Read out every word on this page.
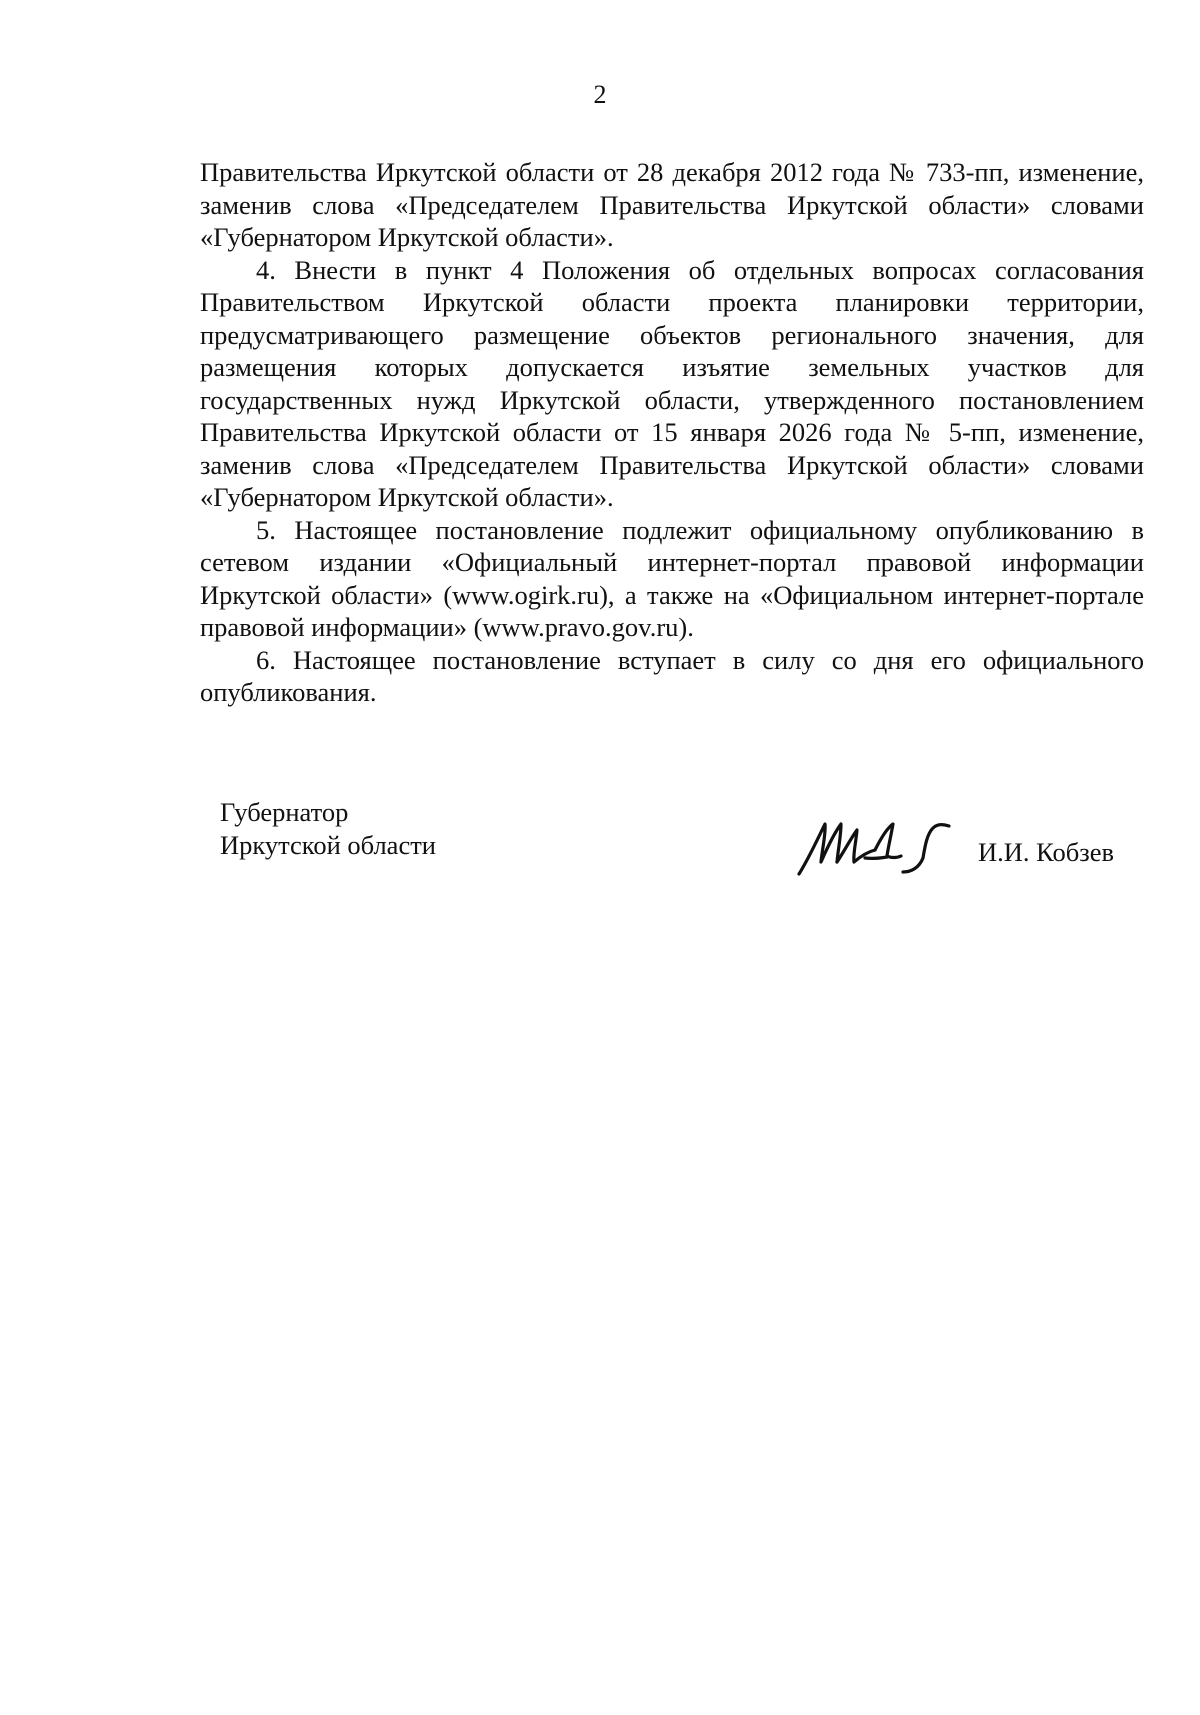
2

Правительства Иркутской области от 28 декабря 2012 года № 733-пп, изменение, заменив слова «Председателем Правительства Иркутской области» словами «Губернатором Иркутской области».

4. Внести в пункт 4 Положения об отдельных вопросах согласования Правительством Иркутской области проекта планировки территории, предусматривающего размещение объектов регионального значения, для размещения которых допускается изъятие земельных участков для государственных нужд Иркутской области, утвержденного постановлением Правительства Иркутской области от 15 января 2026 года № 5-пп, изменение, заменив слова «Председателем Правительства Иркутской области» словами «Губернатором Иркутской области».

5. Настоящее постановление подлежит официальному опубликованию в сетевом издании «Официальный интернет-портал правовой информации Иркутской области» (www.ogirk.ru), а также на «Официальном интернет-портале правовой информации» (www.pravo.gov.ru).

6. Настоящее постановление вступает в силу со дня его официального опубликования.

Губернатор
Иркутской области	И.И. Кобзев
